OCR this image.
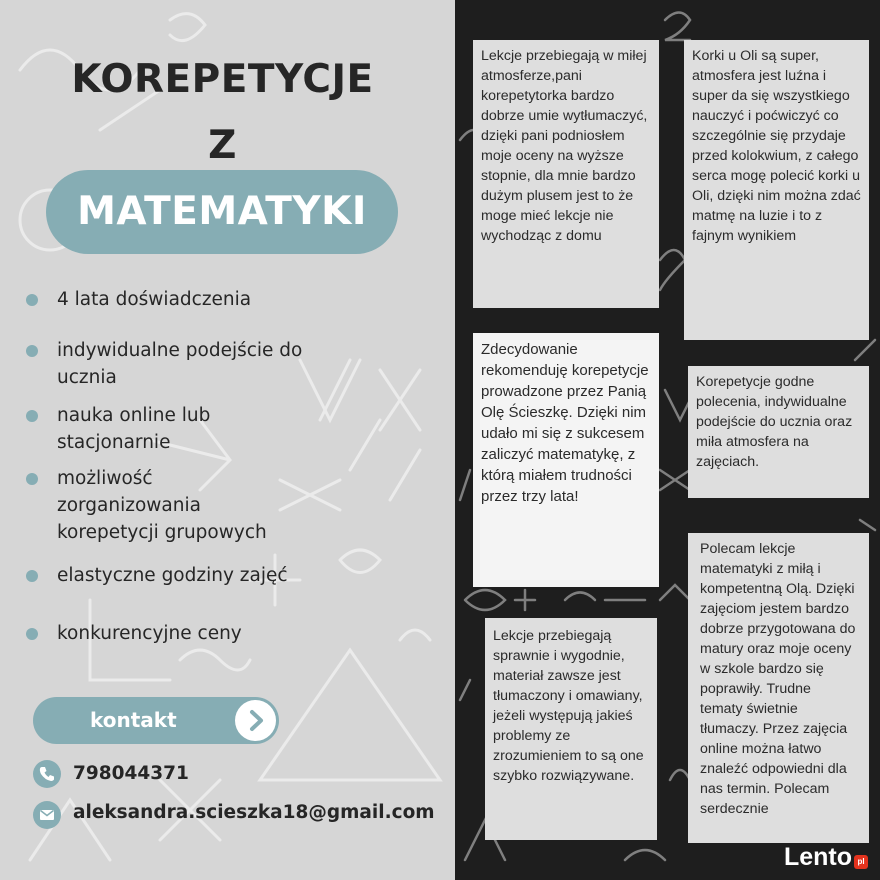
KOREPETYCJE
Z
MATEMATYKI
4 lata doświadczenia
indywidualne podejście do ucznia
nauka online lub stacjonarnie
możliwość zorganizowania korepetycji grupowych
elastyczne godziny zajęć
konkurencyjne ceny
kontakt
798044371
aleksandra.scieszka18@gmail.com
Lekcje przebiegają w miłej atmosferze,pani korepetytorka bardzo dobrze umie wytłumaczyć, dzięki pani podniosłem moje oceny na wyższe stopnie, dla mnie bardzo dużym plusem jest to że moge mieć lekcje nie wychodząc z domu
Korki u Oli są super, atmosfera jest luźna i super da się wszystkiego nauczyć i poćwiczyć co szczególnie się przydaje przed kolokwium, z całego serca mogę polecić korki u Oli, dzięki nim można zdać matmę na luzie i to z fajnym wynikiem
Zdecydowanie rekomenduję korepetycje prowadzone przez Panią Olę Ścieszkę. Dzięki nim udało mi się z sukcesem zaliczyć matematykę, z którą miałem trudności przez trzy lata!
Korepetycje godne polecenia, indywidualne podejście do ucznia oraz miła atmosfera na zajęciach.
Polecam lekcje matematyki z miłą i kompetentną Olą. Dzięki zajęciom jestem bardzo dobrze przygotowana do matury oraz moje oceny w szkole bardzo się poprawiły. Trudne tematy świetnie tłumaczy. Przez zajęcia online można łatwo znaleźć odpowiedni dla nas termin. Polecam serdecznie
Lekcje przebiegają sprawnie i wygodnie, materiał zawsze jest tłumaczony i omawiany, jeżeli występują jakieś problemy ze zrozumieniem to są one szybko rozwiązywane.
Lento pl
